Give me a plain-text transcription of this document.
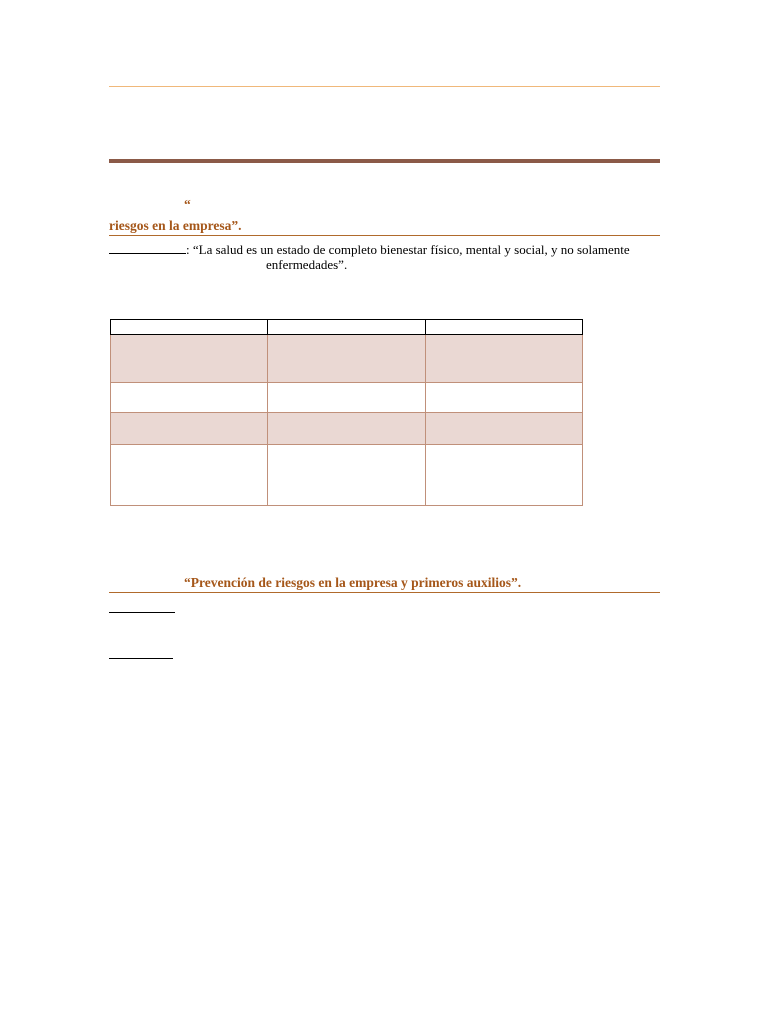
“
riesgos en la empresa”.
: “La salud es un estado de completo bienestar físico, mental y social, y no solamente
enfermedades”.

“Prevención de riesgos en la empresa y primeros auxilios”.
